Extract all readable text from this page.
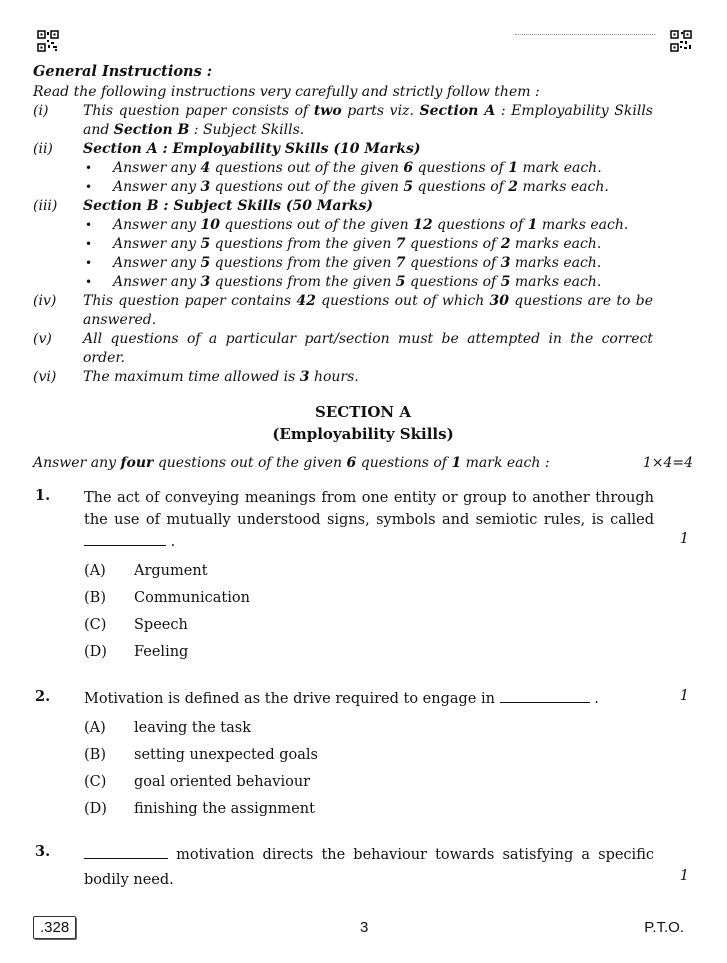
General Instructions :
Read the following instructions very carefully and strictly follow them :
(i)	This question paper consists of two parts viz. Section A : Employability Skills and Section B : Subject Skills.
(ii)	Section A : Employability Skills (10 Marks)
• Answer any 4 questions out of the given 6 questions of 1 mark each.
• Answer any 3 questions out of the given 5 questions of 2 marks each.
(iii)	Section B : Subject Skills (50 Marks)
• Answer any 10 questions out of the given 12 questions of 1 marks each.
• Answer any 5 questions from the given 7 questions of 2 marks each.
• Answer any 5 questions from the given 7 questions of 3 marks each.
• Answer any 3 questions from the given 5 questions of 5 marks each.
(iv)	This question paper contains 42 questions out of which 30 questions are to be answered.
(v)	All questions of a particular part/section must be attempted in the correct order.
(vi)	The maximum time allowed is 3 hours.
SECTION A
(Employability Skills)
Answer any four questions out of the given 6 questions of 1 mark each :	1×4=4
1. The act of conveying meanings from one entity or group to another through the use of mutually understood signs, symbols and semiotic rules, is called  .	1
(A)	Argument
(B)	Communication
(C)	Speech
(D)	Feeling
2. Motivation is defined as the drive required to engage in	.	1
(A)	leaving the task
(B)	setting unexpected goals
(C)	goal oriented behaviour
(D)	finishing the assignment
3.	motivation directs the behaviour towards satisfying a specific bodily need.	1
.328	3	P.T.O.
